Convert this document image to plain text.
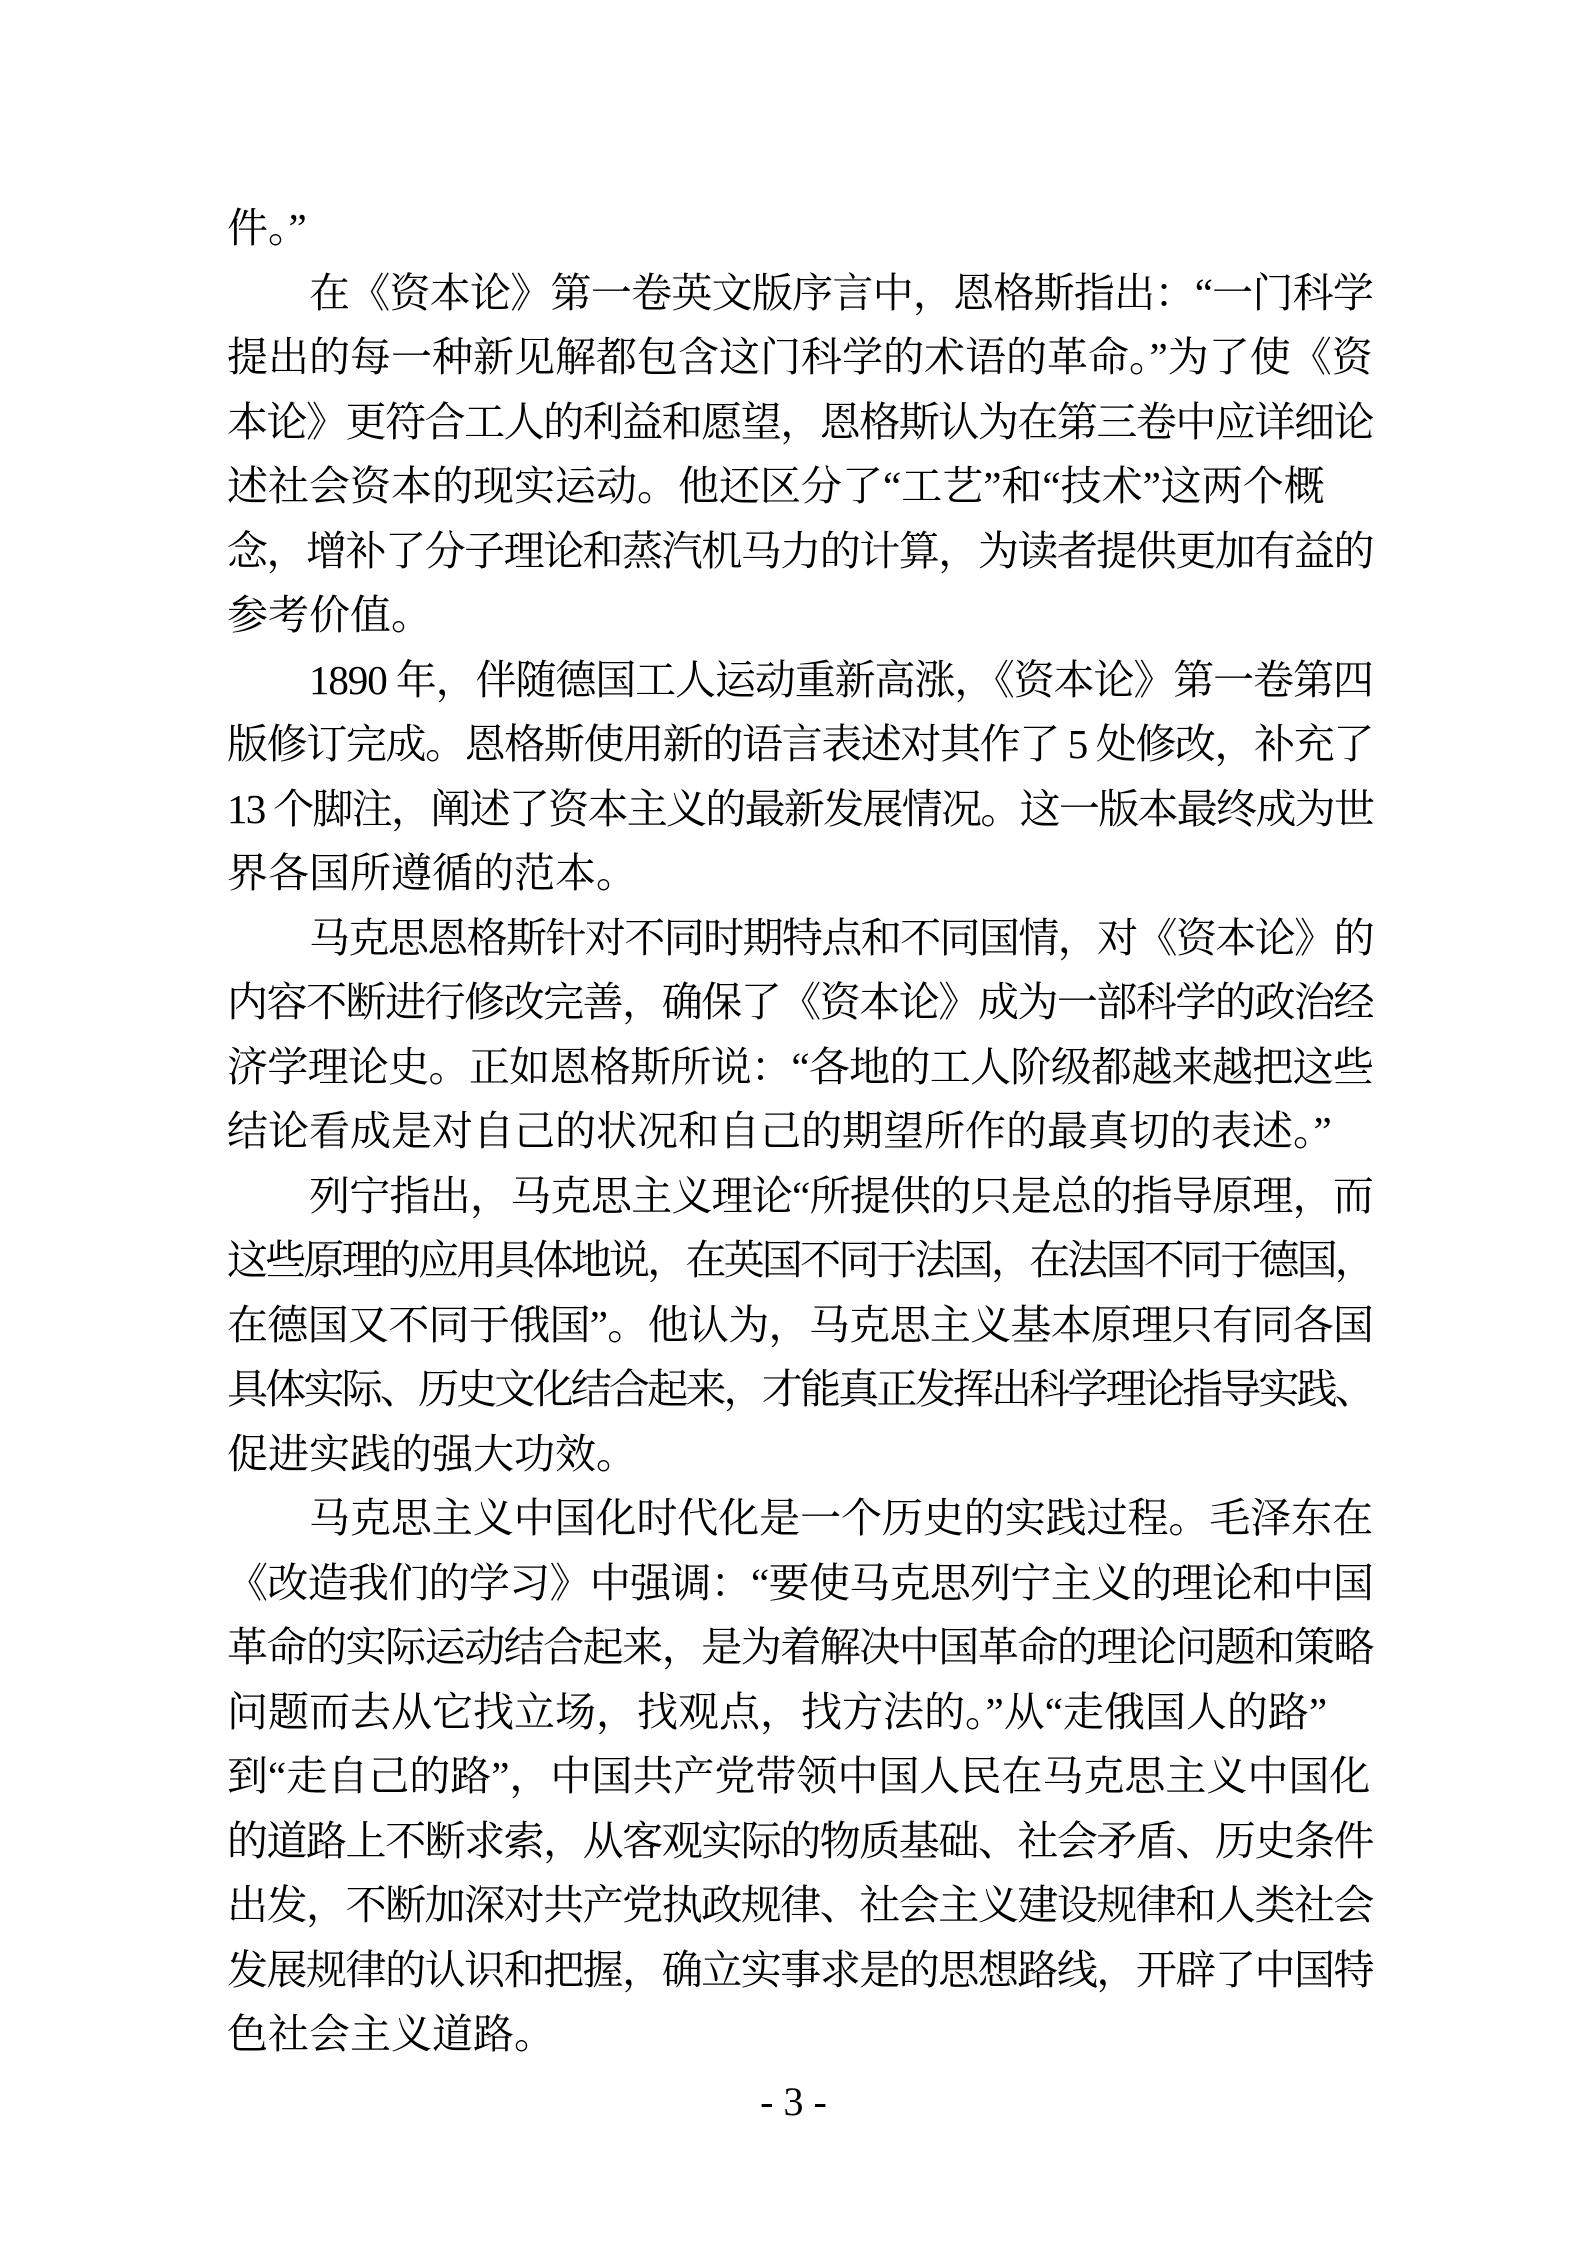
件。”
在《资本论》第一卷英文版序言中，恩格斯指出：“一门科学
提出的每一种新见解都包含这门科学的术语的革命。”为了使《资
本论》更符合工人的利益和愿望，恩格斯认为在第三卷中应详细论
述社会资本的现实运动。他还区分了“工艺”和“技术”这两个概
念，增补了分子理论和蒸汽机马力的计算，为读者提供更加有益的
参考价值。
1890 年，伴随德国工人运动重新高涨，《资本论》第一卷第四
版修订完成。恩格斯使用新的语言表述对其作了 5 处修改，补充了
13 个脚注，阐述了资本主义的最新发展情况。这一版本最终成为世
界各国所遵循的范本。
马克思恩格斯针对不同时期特点和不同国情，对《资本论》的
内容不断进行修改完善，确保了《资本论》成为一部科学的政治经
济学理论史。正如恩格斯所说：“各地的工人阶级都越来越把这些
结论看成是对自己的状况和自己的期望所作的最真切的表述。”
列宁指出，马克思主义理论“所提供的只是总的指导原理，而
这些原理的应用具体地说，在英国不同于法国，在法国不同于德国，
在德国又不同于俄国”。他认为，马克思主义基本原理只有同各国
具体实际、历史文化结合起来，才能真正发挥出科学理论指导实践、
促进实践的强大功效。
马克思主义中国化时代化是一个历史的实践过程。毛泽东在
《改造我们的学习》中强调：“要使马克思列宁主义的理论和中国
革命的实际运动结合起来，是为着解决中国革命的理论问题和策略
问题而去从它找立场，找观点，找方法的。”从“走俄国人的路”
到“走自己的路”，中国共产党带领中国人民在马克思主义中国化
的道路上不断求索，从客观实际的物质基础、社会矛盾、历史条件
出发，不断加深对共产党执政规律、社会主义建设规律和人类社会
发展规律的认识和把握，确立实事求是的思想路线，开辟了中国特
色社会主义道路。
- 3 -
